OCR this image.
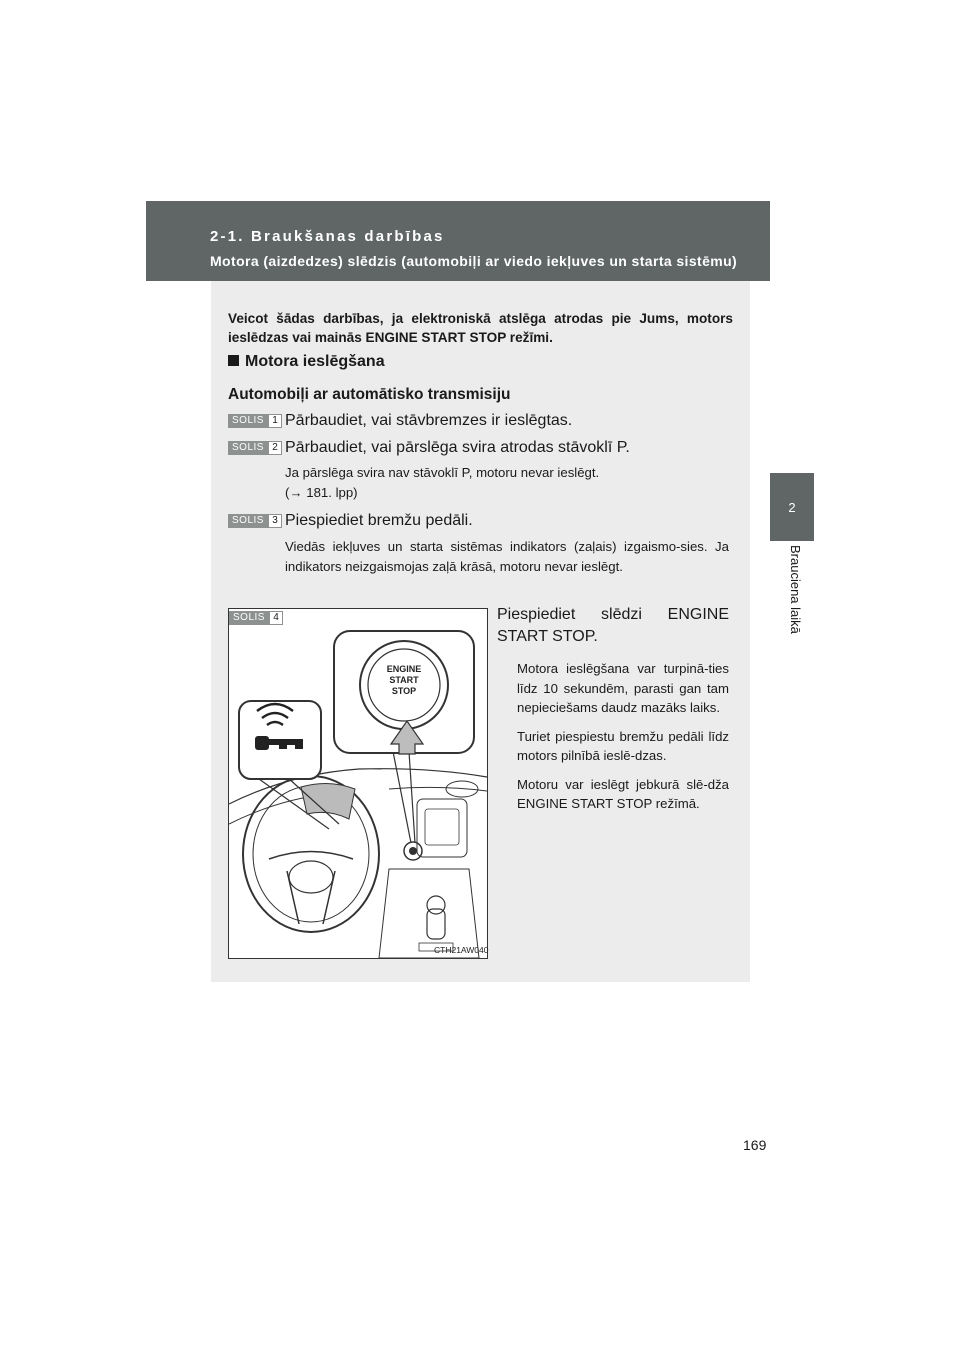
2-1. Braukšanas darbības
Motora (aizdedzes) slēdzis (automobiļi ar viedo iekļuves un starta sistēmu)
2
Brauciena laikā
Veicot šādas darbības, ja elektroniskā atslēga atrodas pie Jums, motors ieslēdzas vai mainās ENGINE START STOP režīmi.
Motora ieslēgšana
Automobiļi ar automātisko transmisiju
SOLIS 1 Pārbaudiet, vai stāvbremzes ir ieslēgtas.
SOLIS 2 Pārbaudiet, vai pārslēga svira atrodas stāvoklī P.
Ja pārslēga svira nav stāvoklī P, motoru nevar ieslēgt.
(→ 181. lpp)
SOLIS 3 Piespiediet bremžu pedāli.
Viedās iekļuves un starta sistēmas indikators (zaļais) izgaismo-sies. Ja indikators neizgaismojas zaļā krāsā, motoru nevar ieslēgt.
ENGINE
START
STOP
SOLIS 4
CTH21AW040
Piespiediet slēdzi ENGINE START STOP.

Motora ieslēgšana var turpinā-ties līdz 10 sekundēm, parasti gan tam nepieciešams daudz mazāks laiks.

Turiet piespiestu bremžu pedāli līdz motors pilnībā ieslē-dzas.

Motoru var ieslēgt jebkurā slē-dža ENGINE START STOP režīmā.

169
